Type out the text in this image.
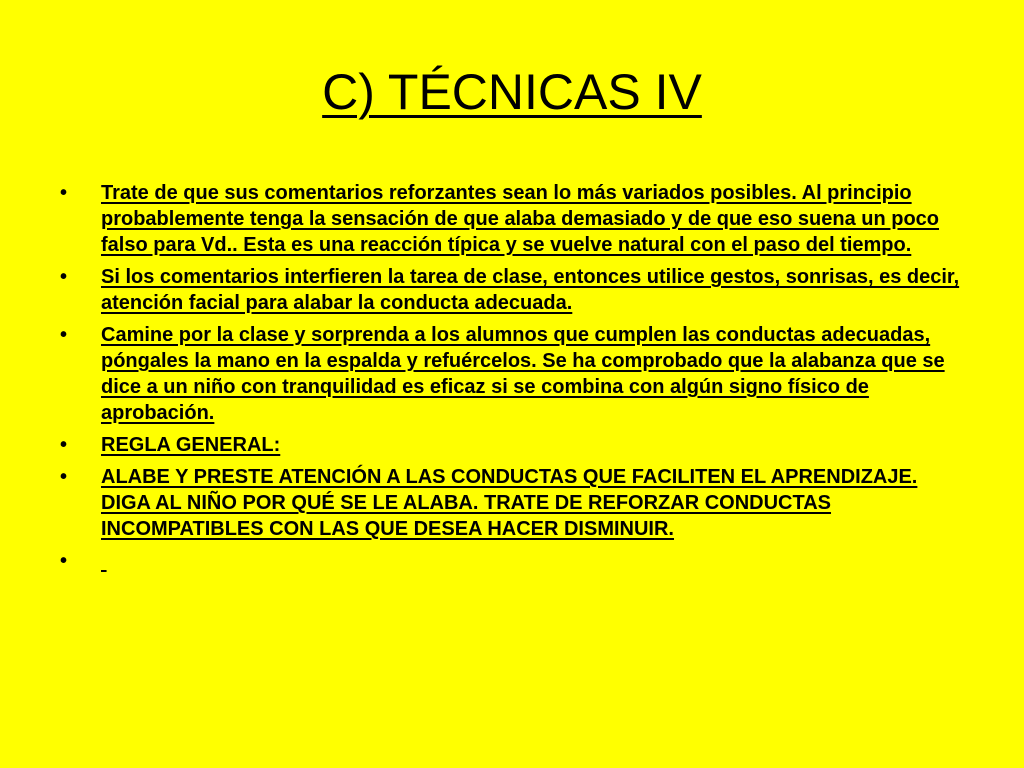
C) TÉCNICAS IV
•	Trate de que sus comentarios reforzantes sean lo más variados posibles. Al principio probablemente tenga la sensación de que alaba demasiado y de que eso suena un poco falso para Vd.. Esta es una reacción típica y se vuelve natural con el paso del tiempo.
•	Si los comentarios interfieren la tarea de clase, entonces utilice gestos, sonrisas, es decir, atención facial para alabar la conducta adecuada.
•	Camine por la clase y sorprenda a los alumnos que cumplen las conductas adecuadas, póngales la mano en la espalda y refuércelos. Se ha comprobado que la alabanza que se dice a un niño con tranquilidad es eficaz si se combina con algún signo físico de aprobación.
•	REGLA GENERAL:
•	ALABE Y PRESTE ATENCIÓN A LAS CONDUCTAS QUE FACILITEN EL APRENDIZAJE. DIGA AL NIÑO POR QUÉ SE LE ALABA. TRATE DE REFORZAR CONDUCTAS INCOMPATIBLES CON LAS QUE DESEA HACER DISMINUIR.
•
